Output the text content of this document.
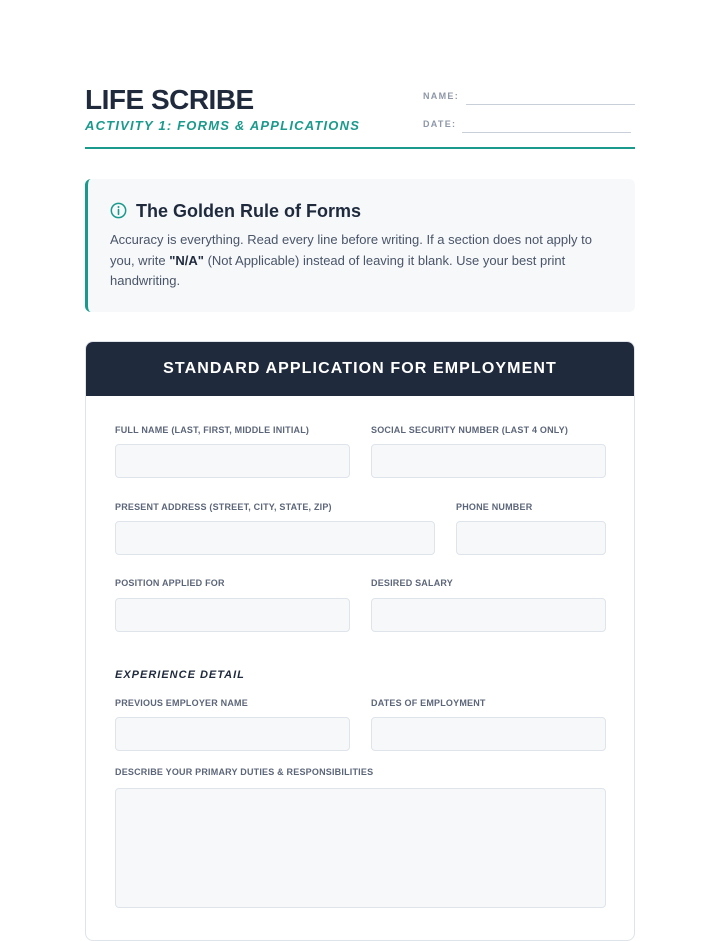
LIFE SCRIBE
ACTIVITY 1: FORMS & APPLICATIONS
NAME:
DATE:
The Golden Rule of Forms
Accuracy is everything. Read every line before writing. If a section does not apply to you, write "N/A" (Not Applicable) instead of leaving it blank. Use your best print handwriting.
STANDARD APPLICATION FOR EMPLOYMENT
FULL NAME (LAST, FIRST, MIDDLE INITIAL)	SOCIAL SECURITY NUMBER (LAST 4 ONLY)
PRESENT ADDRESS (STREET, CITY, STATE, ZIP)	PHONE NUMBER
POSITION APPLIED FOR	DESIRED SALARY
EXPERIENCE DETAIL
PREVIOUS EMPLOYER NAME	DATES OF EMPLOYMENT
DESCRIBE YOUR PRIMARY DUTIES & RESPONSIBILITIES
